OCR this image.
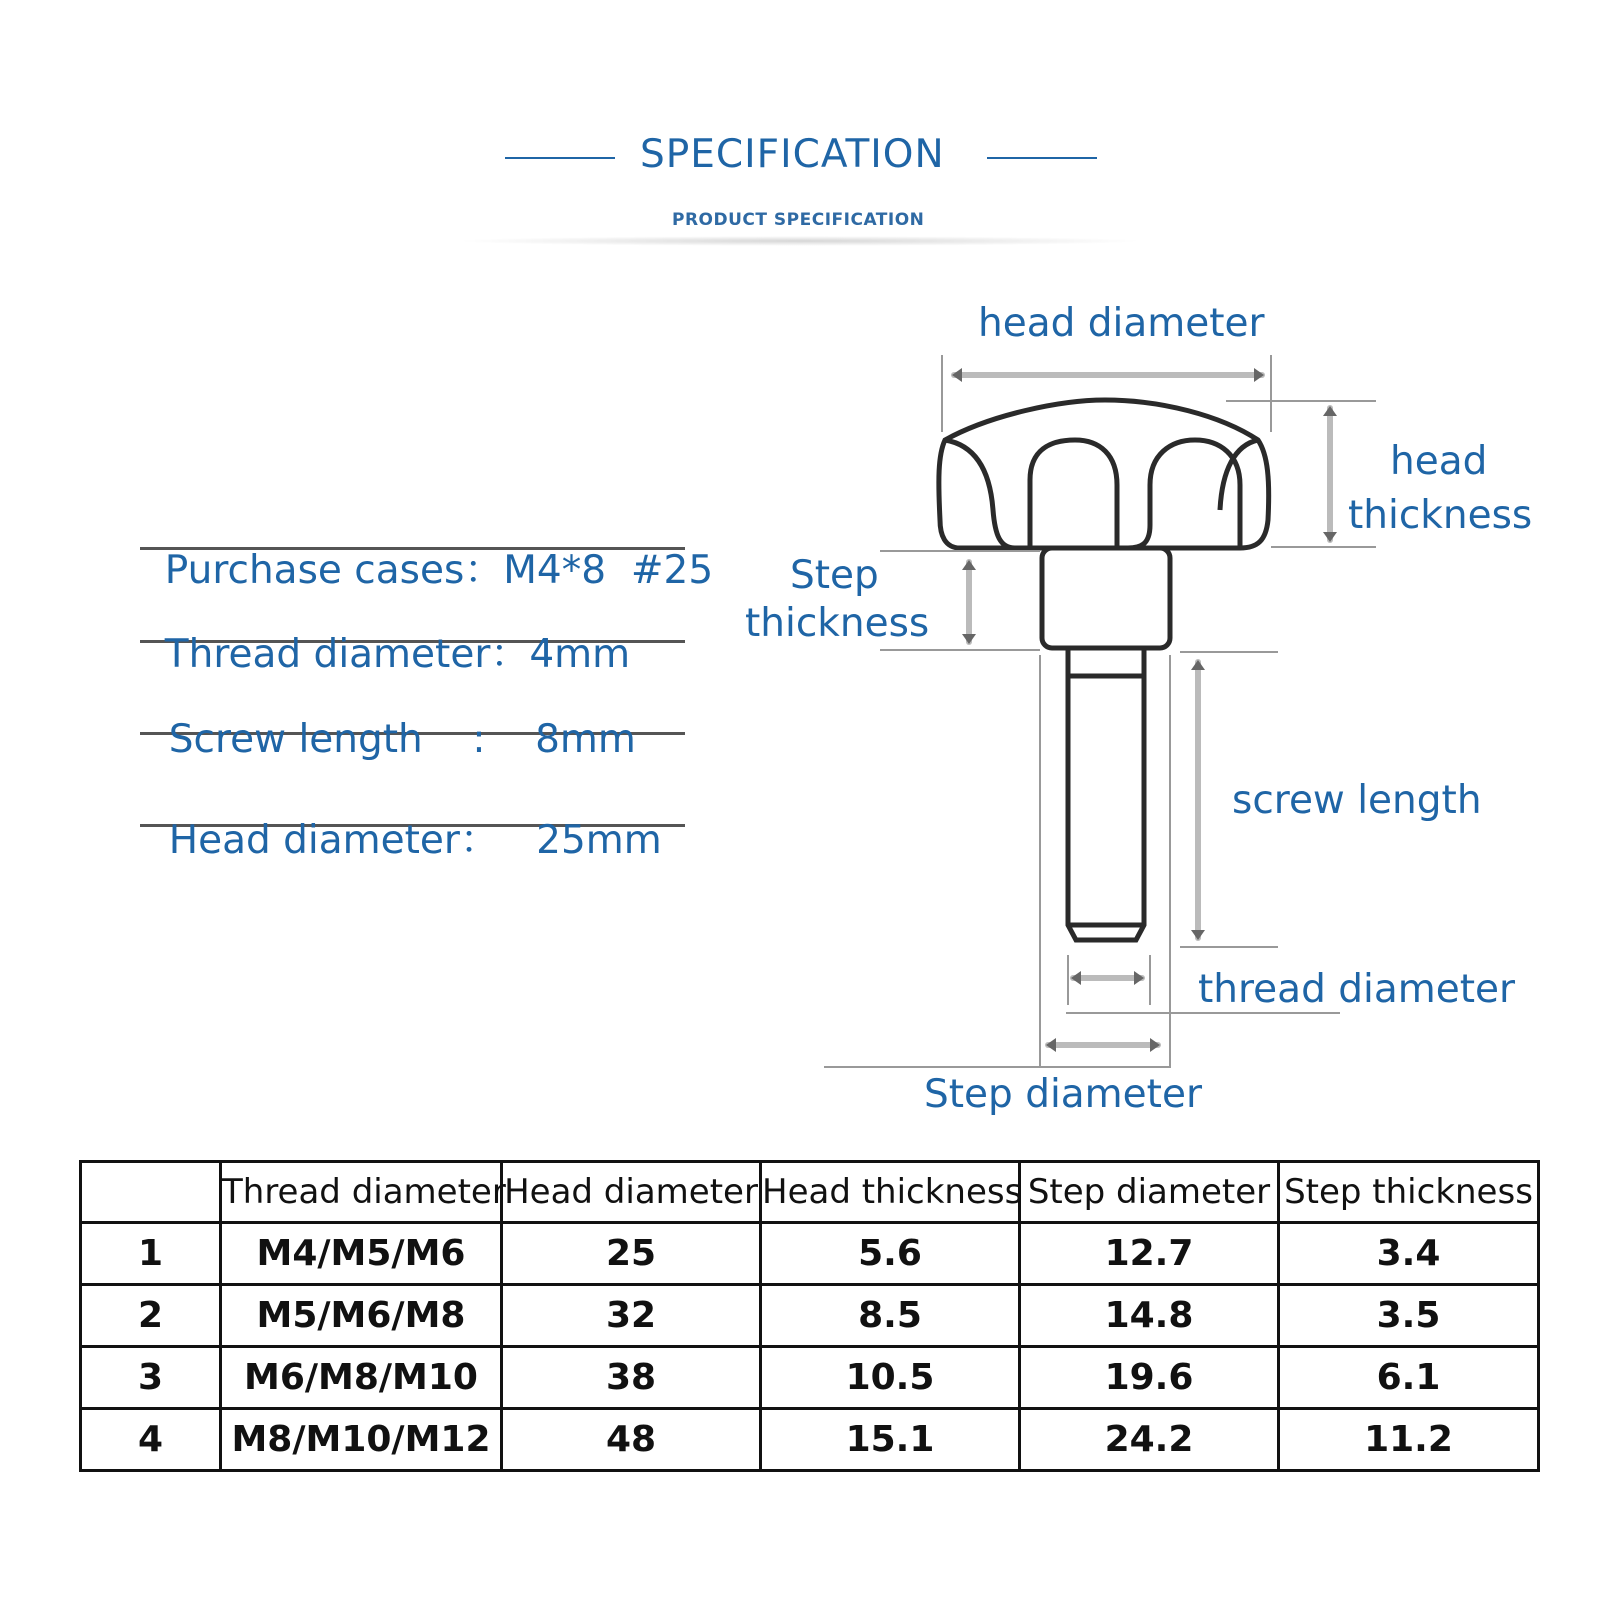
SPECIFICATION
PRODUCT SPECIFICATION

Purchase cases：M4*8  #25

Thread diameter：4mm

Screw length    :    8mm

Head diameter：   25mm

head diameter
head
thickness
Step
thickness
screw length
thread diameter
Step diameter
	Thread diameter	Head diameter	Head thickness	Step diameter	Step thickness
1	M4/M5/M6	25	5.6	12.7	3.4
2	M5/M6/M8	32	8.5	14.8	3.5
3	M6/M8/M10	38	10.5	19.6	6.1
4	M8/M10/M12	48	15.1	24.2	11.2
